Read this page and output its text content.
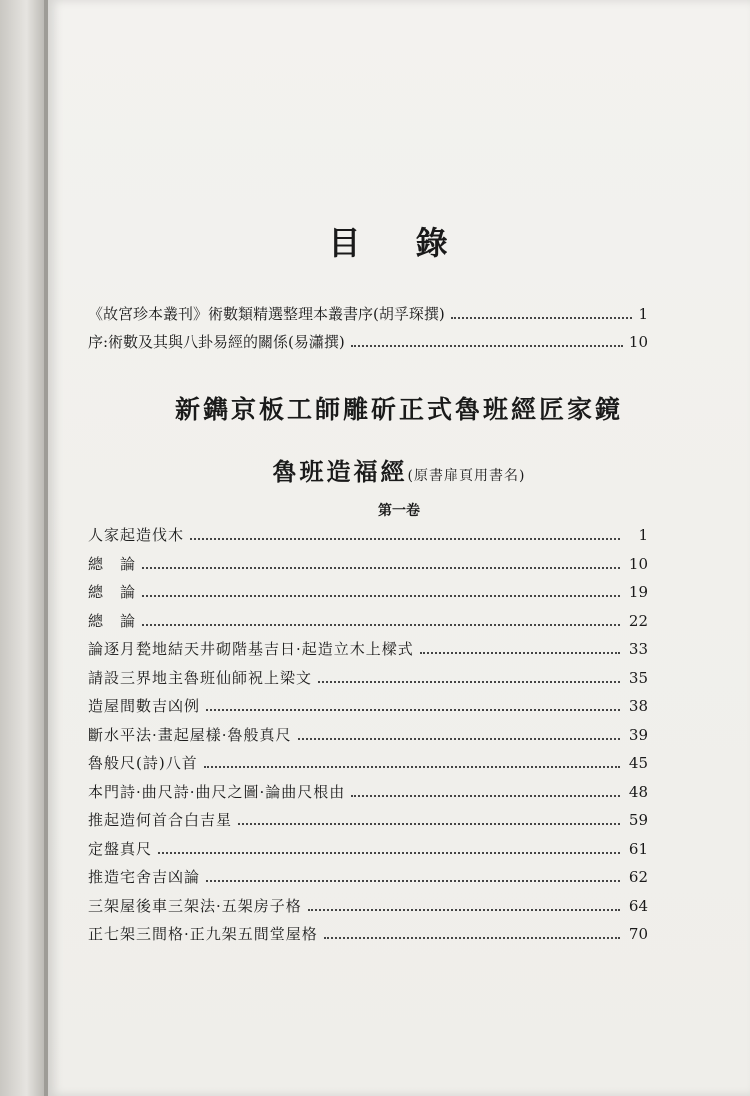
目 錄
《故宮珍本叢刊》術數類精選整理本叢書序(胡孚琛撰)	1
序:術數及其與八卦易經的關係(易瀟撰)	10
新鐫京板工師雕斫正式魯班經匠家鏡
魯班造福經(原書扉頁用書名)
第一卷
人家起造伐木	1
總　論	10
總　論	19
總　論	22
論逐月甃地結天井砌階基吉日·起造立木上樑式	33
請設三界地主魯班仙師祝上梁文	35
造屋間數吉凶例	38
斷水平法·畫起屋樣·魯般真尺	39
魯般尺(詩)八首	45
本門詩·曲尺詩·曲尺之圖·論曲尺根由	48
推起造何首合白吉星	59
定盤真尺	61
推造宅舍吉凶論	62
三架屋後車三架法·五架房子格	64
正七架三間格·正九架五間堂屋格	70
